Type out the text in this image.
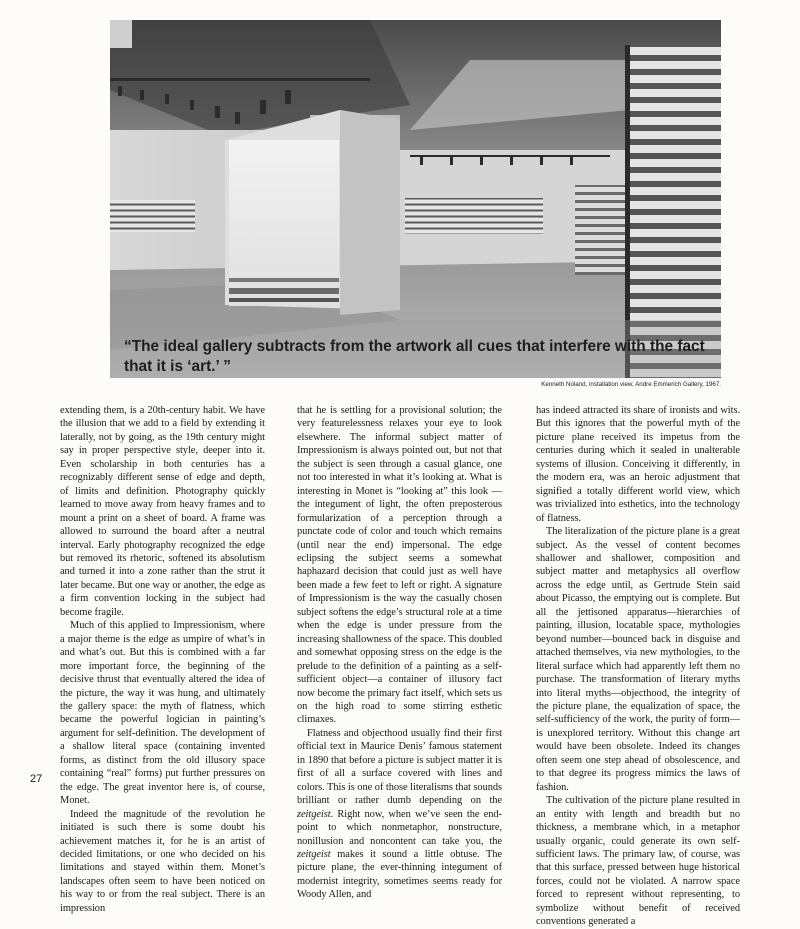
“The ideal gallery subtracts from the artwork all cues that interfere with the fact that it is ‘art.’ ”

Kenneth Noland, installation view, Andre Emmerich Gallery, 1967.

extending them, is a 20th-century habit. We have the illusion that we add to a field by extending it laterally, not by going, as the 19th century might say in proper perspective style, deeper into it. Even scholarship in both centuries has a recognizably different sense of edge and depth, of limits and definition. Photography quickly learned to move away from heavy frames and to mount a print on a sheet of board. A frame was allowed to surround the board after a neutral interval. Early photography recognized the edge but removed its rhetoric, softened its absolutism and turned it into a zone rather than the strut it later became. But one way or another, the edge as a firm convention locking in the subject had become fragile.

Much of this applied to Impressionism, where a major theme is the edge as umpire of what’s in and what’s out. But this is combined with a far more important force, the beginning of the decisive thrust that eventually altered the idea of the picture, the way it was hung, and ultimately the gallery space: the myth of flatness, which became the powerful logician in painting’s argument for self-definition. The development of a shallow literal space (containing invented forms, as distinct from the old illusory space containing “real” forms) put further pressures on the edge. The great inventor here is, of course, Monet.

Indeed the magnitude of the revolution he initiated is such there is some doubt his achievement matches it, for he is an artist of decided limitations, or one who decided on his limitations and stayed within them. Monet’s landscapes often seem to have been noticed on his way to or from the real subject. There is an impression

that he is settling for a provisional solution; the very featurelessness relaxes your eye to look elsewhere. The informal subject matter of Impressionism is always pointed out, but not that the subject is seen through a casual glance, one not too interested in what it’s looking at. What is interesting in Monet is “looking at” this look —the integument of light, the often preposterous formularization of a perception through a punctate code of color and touch which remains (until near the end) impersonal. The edge eclipsing the subject seems a somewhat haphazard decision that could just as well have been made a few feet to left or right. A signature of Impressionism is the way the casually chosen subject softens the edge’s structural role at a time when the edge is under pressure from the increasing shallowness of the space. This doubled and somewhat opposing stress on the edge is the prelude to the definition of a painting as a self-sufficient object—a container of illusory fact now become the primary fact itself, which sets us on the high road to some stirring esthetic climaxes.

Flatness and objecthood usually find their first official text in Maurice Denis’ famous statement in 1890 that before a picture is subject matter it is first of all a surface covered with lines and colors. This is one of those literalisms that sounds brilliant or rather dumb depending on the zeitgeist. Right now, when we’ve seen the end-point to which nonmetaphor, nonstructure, nonillusion and noncontent can take you, the zeitgeist makes it sound a little obtuse. The picture plane, the ever-thinning integument of modernist integrity, sometimes seems ready for Woody Allen, and

has indeed attracted its share of ironists and wits. But this ignores that the powerful myth of the picture plane received its impetus from the centuries during which it sealed in unalterable systems of illusion. Conceiving it differently, in the modern era, was an heroic adjustment that signified a totally different world view, which was trivialized into esthetics, into the technology of flatness.

The literalization of the picture plane is a great subject. As the vessel of content becomes shallower and shallower, composition and subject matter and metaphysics all overflow across the edge until, as Gertrude Stein said about Picasso, the emptying out is complete. But all the jettisoned apparatus—hierarchies of painting, illusion, locatable space, mythologies beyond number—bounced back in disguise and attached themselves, via new mythologies, to the literal surface which had apparently left them no purchase. The transformation of literary myths into literal myths—objecthood, the integrity of the picture plane, the equalization of space, the self-sufficiency of the work, the purity of form—is unexplored territory. Without this change art would have been obsolete. Indeed its changes often seem one step ahead of obsolescence, and to that degree its progress mimics the laws of fashion.

The cultivation of the picture plane resulted in an entity with length and breadth but no thickness, a membrane which, in a metaphor usually organic, could generate its own self-sufficient laws. The primary law, of course, was that this surface, pressed between huge historical forces, could not be violated. A narrow space forced to represent without representing, to symbolize without benefit of received conventions generated a

27
